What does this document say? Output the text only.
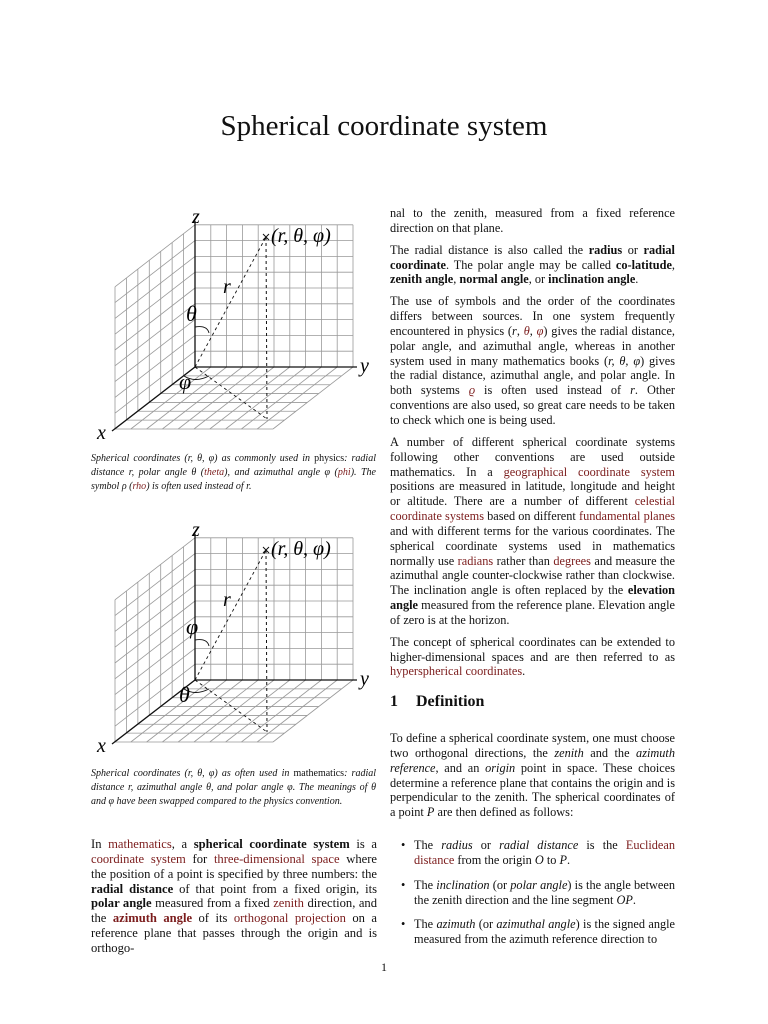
Spherical coordinate system
z
y
x
(r, θ, φ)
r
θ
φ
Spherical coordinates (r, θ, φ) as commonly used in physics: radial distance r, polar angle θ (theta), and azimuthal angle φ (phi). The symbol ρ (rho) is often used instead of r.
z
y
x
(r, θ, φ)
r
φ
θ
Spherical coordinates (r, θ, φ) as often used in mathematics: radial distance r, azimuthal angle θ, and polar angle φ. The meanings of θ and φ have been swapped compared to the physics convention.

In mathematics, a spherical coordinate system is a coordinate system for three-dimensional space where the position of a point is specified by three numbers: the radial distance of that point from a fixed origin, its polar angle measured from a fixed zenith direction, and the azimuth angle of its orthogonal projection on a reference plane that passes through the origin and is orthogo-

nal to the zenith, measured from a fixed reference direction on that plane.

The radial distance is also called the radius or radial coordinate. The polar angle may be called co-latitude, zenith angle, normal angle, or inclination angle.

The use of symbols and the order of the coordinates differs between sources. In one system frequently encountered in physics (r, θ, φ) gives the radial distance, polar angle, and azimuthal angle, whereas in another system used in many mathematics books (r, θ, φ) gives the radial distance, azimuthal angle, and polar angle. In both systems ϱ is often used instead of r. Other conventions are also used, so great care needs to be taken to check which one is being used.

A number of different spherical coordinate systems following other conventions are used outside mathematics. In a geographical coordinate system positions are measured in latitude, longitude and height or altitude. There are a number of different celestial coordinate systems based on different fundamental planes and with different terms for the various coordinates. The spherical coordinate systems used in mathematics normally use radians rather than degrees and measure the azimuthal angle counter-clockwise rather than clockwise. The inclination angle is often replaced by the elevation angle measured from the reference plane. Elevation angle of zero is at the horizon.

The concept of spherical coordinates can be extended to higher-dimensional spaces and are then referred to as hyperspherical coordinates.

1 Definition

To define a spherical coordinate system, one must choose two orthogonal directions, the zenith and the azimuth reference, and an origin point in space. These choices determine a reference plane that contains the origin and is perpendicular to the zenith. The spherical coordinates of a point P are then defined as follows:

• The radius or radial distance is the Euclidean distance from the origin O to P.
• The inclination (or polar angle) is the angle between the zenith direction and the line segment OP.
• The azimuth (or azimuthal angle) is the signed angle measured from the azimuth reference direction to
1
